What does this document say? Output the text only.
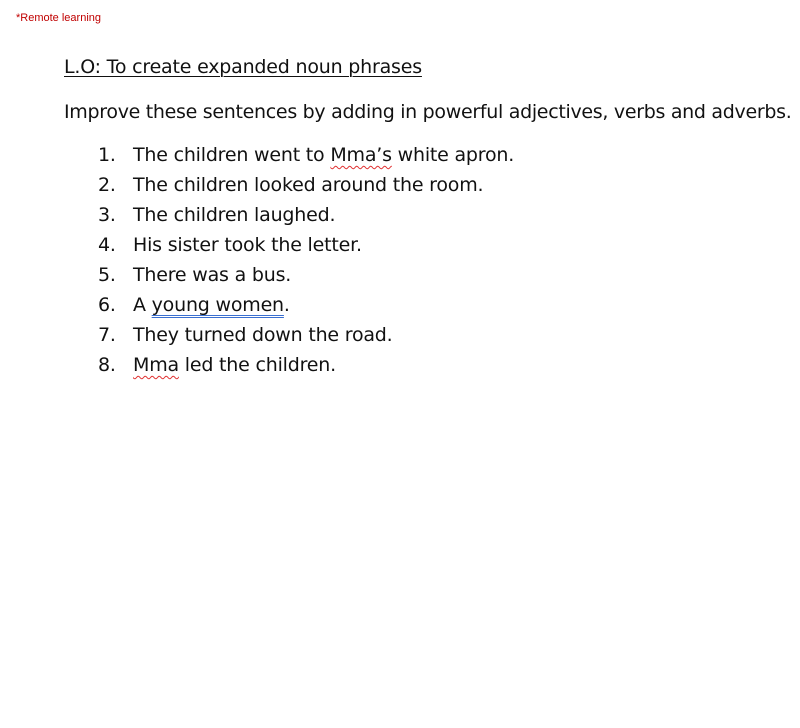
*Remote learning
L.O: To create expanded noun phrases
Improve these sentences by adding in powerful adjectives, verbs and adverbs.
1. The children went to Mma’s white apron.
2. The children looked around the room.
3. The children laughed.
4. His sister took the letter.
5. There was a bus.
6. A young women.
7. They turned down the road.
8. Mma led the children.
